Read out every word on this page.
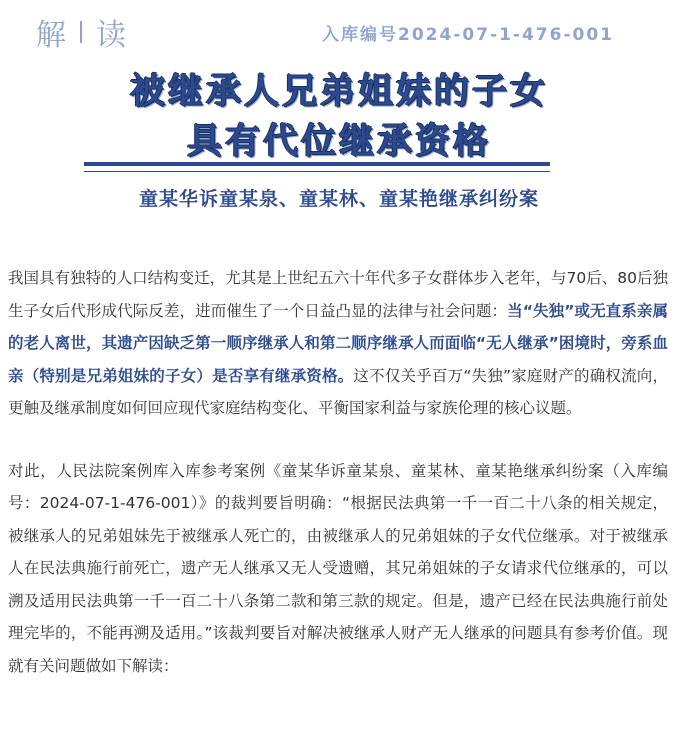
解 读	入库编号2024-07-1-476-001
被继承人兄弟姐妹的子女
具有代位继承资格
童某华诉童某泉、童某林、童某艳继承纠纷案

我国具有独特的人口结构变迁，尤其是上世纪五六十年代多子女群体步入老年，与70后、80后独生子女后代形成代际反差，进而催生了一个日益凸显的法律与社会问题：当“失独”或无直系亲属的老人离世，其遗产因缺乏第一顺序继承人和第二顺序继承人而面临“无人继承”困境时，旁系血亲（特别是兄弟姐妹的子女）是否享有继承资格。这不仅关乎百万“失独”家庭财产的确权流向，更触及继承制度如何回应现代家庭结构变化、平衡国家利益与家族伦理的核心议题。

对此，人民法院案例库入库参考案例《童某华诉童某泉、童某林、童某艳继承纠纷案（入库编号：2024-07-1-476-001）》的裁判要旨明确：“根据民法典第一千一百二十八条的相关规定，被继承人的兄弟姐妹先于被继承人死亡的，由被继承人的兄弟姐妹的子女代位继承。对于被继承人在民法典施行前死亡，遗产无人继承又无人受遗赠，其兄弟姐妹的子女请求代位继承的，可以溯及适用民法典第一千一百二十八条第二款和第三款的规定。但是，遗产已经在民法典施行前处理完毕的，不能再溯及适用。”该裁判要旨对解决被继承人财产无人继承的问题具有参考价值。现就有关问题做如下解读：
